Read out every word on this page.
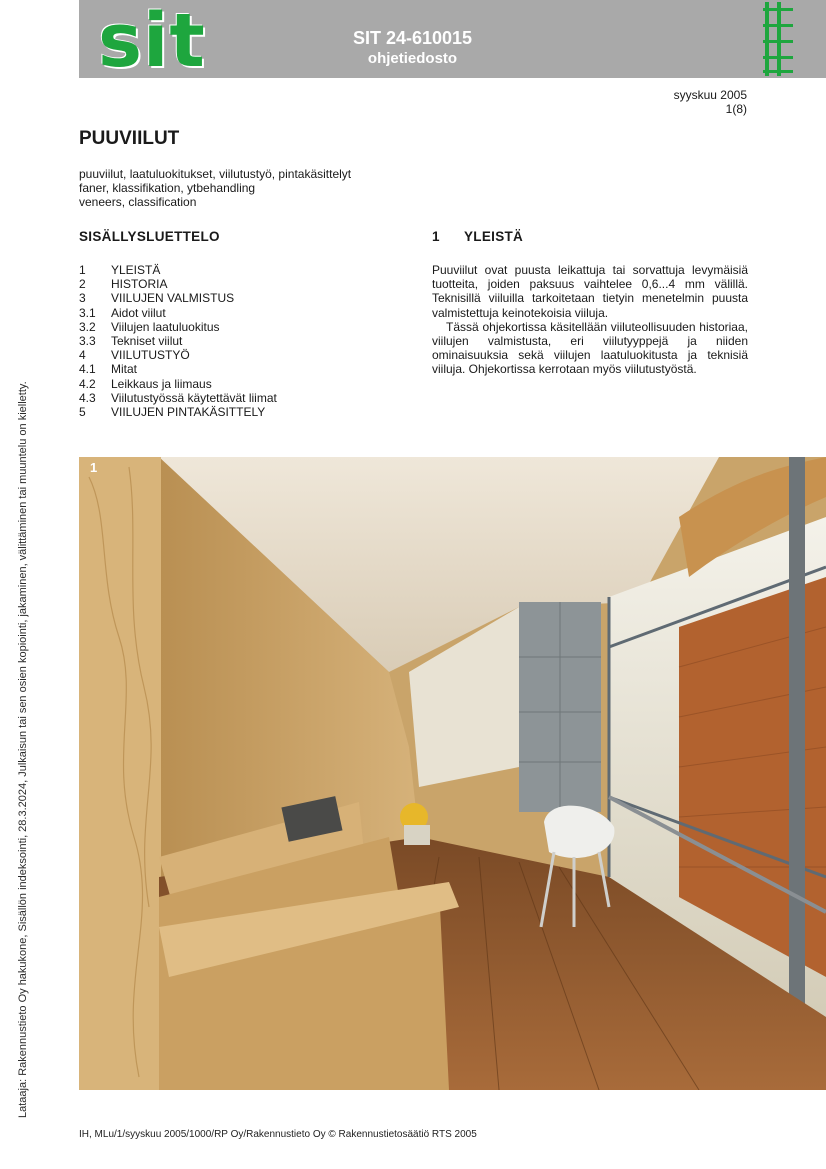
sit	SIT 24-610015
ohjetiedosto
syyskuu 2005
1(8)
PUUVIILUT
puuviilut, laatuluokitukset, viilutustyö, pintakäsittelyt
faner, klassifikation, ytbehandling
veneers, classification
SISÄLLYSLUETTELO
1	YLEISTÄ
2	HISTORIA
3	VIILUJEN VALMISTUS
3.1	Aidot viilut
3.2	Viilujen laatuluokitus
3.3	Tekniset viilut
4	VIILUTUSTYÖ
4.1	Mitat
4.2	Leikkaus ja liimaus
4.3	Viilutustyössä käytettävät liimat
5	VIILUJEN PINTAKÄSITTELY
1 YLEISTÄ

Puuviilut ovat puusta leikattuja tai sorvattuja levymäisiä tuotteita, joiden paksuus vaihtelee 0,6...4 mm välillä. Teknisillä viiluilla tarkoitetaan tietyin menetelmin puusta valmistettuja keinotekoisia viiluja.

Tässä ohjekortissa käsitellään viiluteollisuuden historiaa, viilujen valmistusta, eri viilutyyppejä ja niiden ominaisuuksia sekä viilujen laatuluokitusta ja teknisiä viiluja. Ohjekortissa kerrotaan myös viilutustyöstä.

Lataaja: Rakennustieto Oy hakukone, Sisällön indeksointi, 28.3.2024, Julkaisun tai sen osien kopiointi, jakaminen, välittäminen tai muuntelu on kielletty.	1
IH, MLu/1/syyskuu 2005/1000/RP Oy/Rakennustieto Oy © Rakennustietosäätiö RTS 2005
